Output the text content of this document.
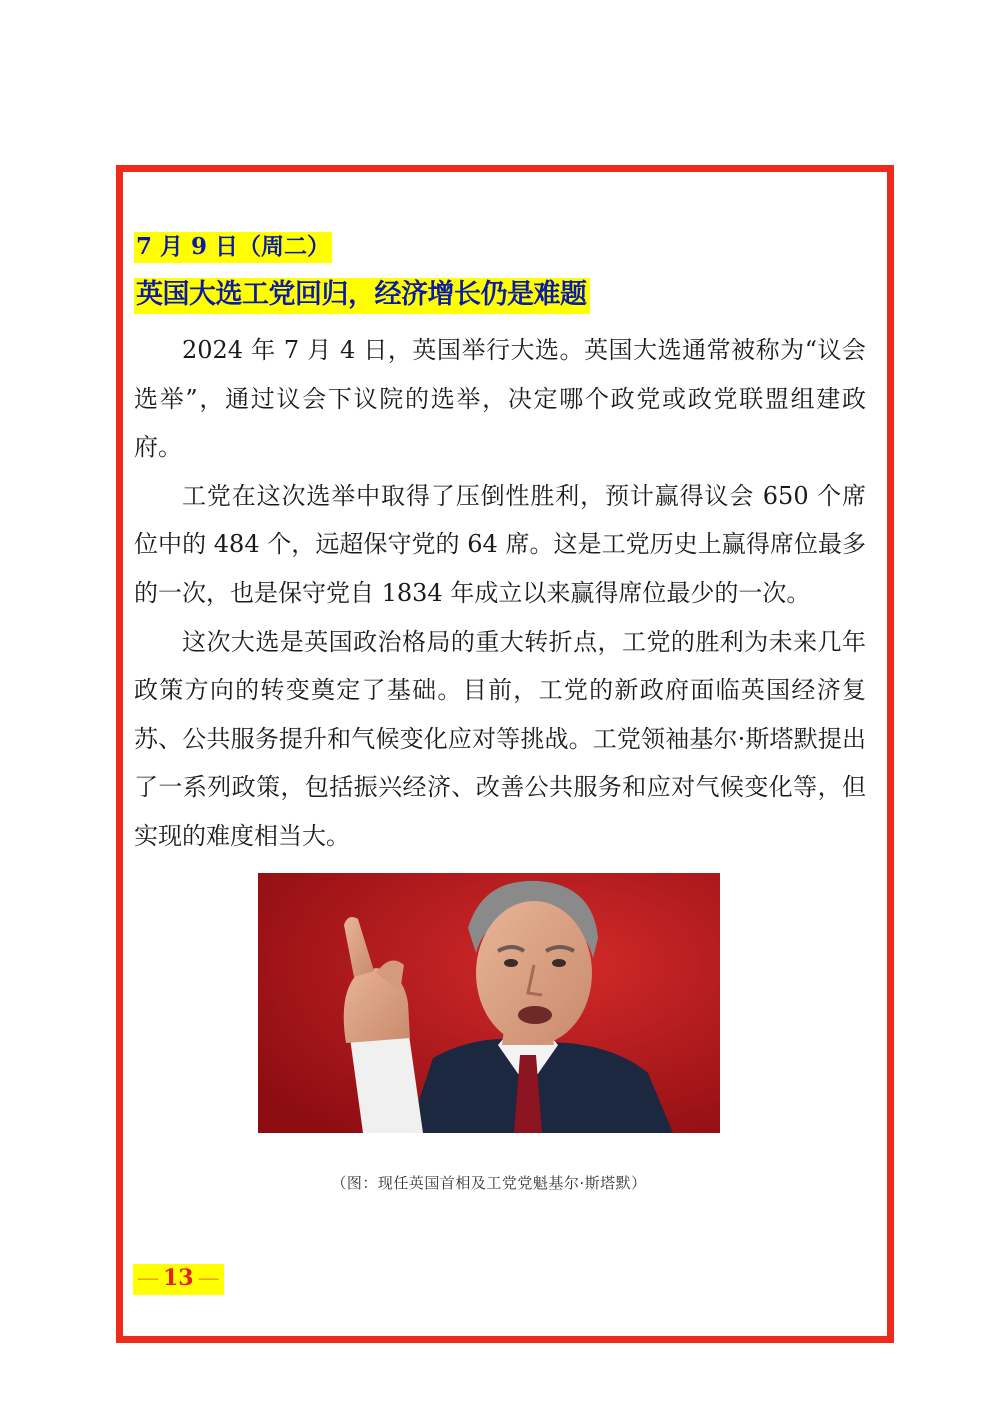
7 月 9 日（周二）
英国大选工党回归，经济增长仍是难题

2024 年 7 月 4 日，英国举行大选。英国大选通常被称为“议会选举”，通过议会下议院的选举，决定哪个政党或政党联盟组建政府。

工党在这次选举中取得了压倒性胜利，预计赢得议会 650 个席位中的 484 个，远超保守党的 64 席。这是工党历史上赢得席位最多的一次，也是保守党自 1834 年成立以来赢得席位最少的一次。

这次大选是英国政治格局的重大转折点，工党的胜利为未来几年政策方向的转变奠定了基础。目前，工党的新政府面临英国经济复苏、公共服务提升和气候变化应对等挑战。工党领袖基尔·斯塔默提出了一系列政策，包括振兴经济、改善公共服务和应对气候变化等，但实现的难度相当大。

（图：现任英国首相及工党党魁基尔·斯塔默）
— 13 —
